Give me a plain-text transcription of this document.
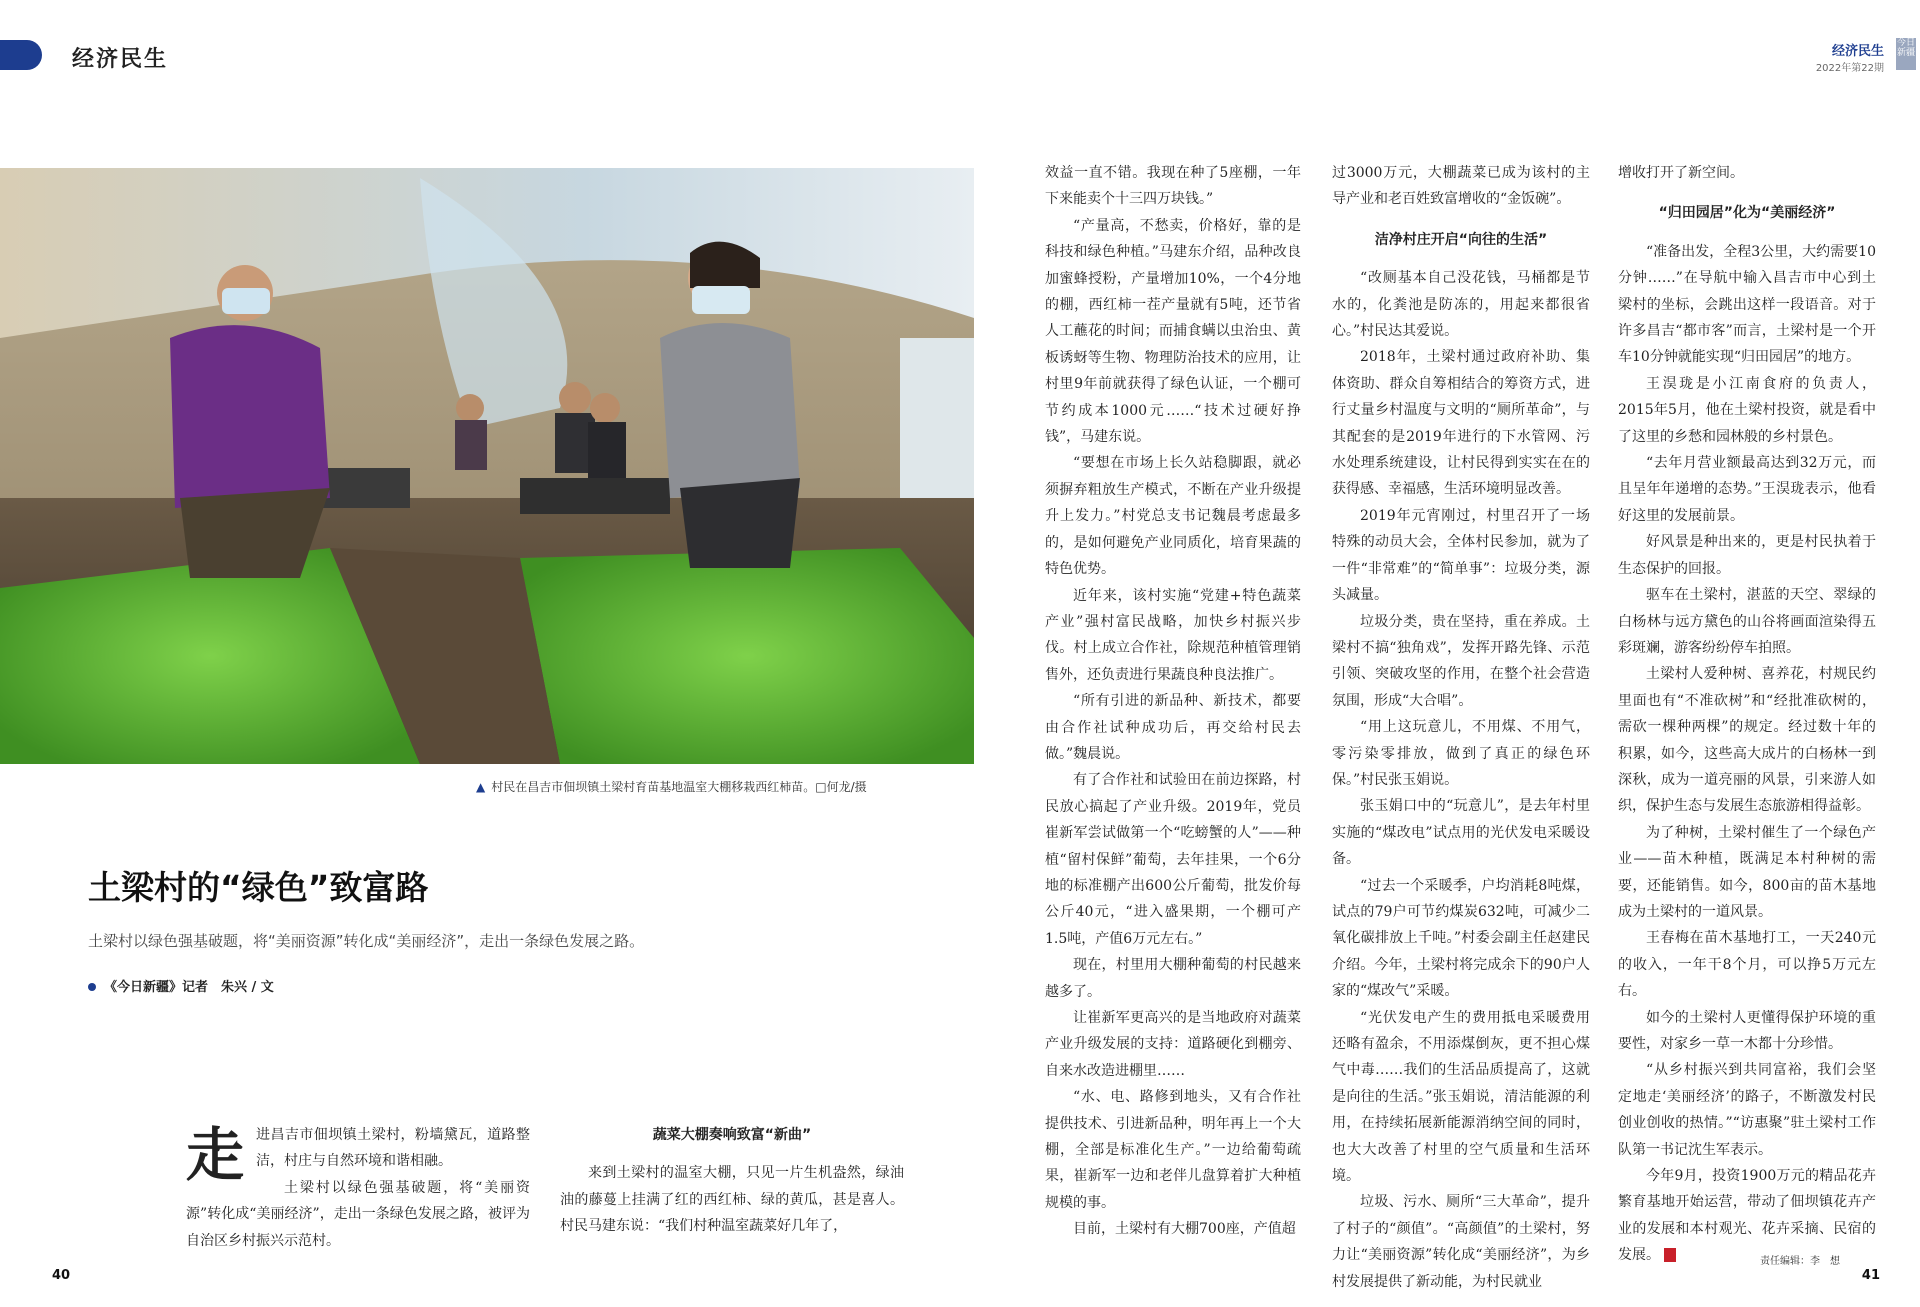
经济民生	经济民生
2022年第22期
今日新疆
▲ 村民在昌吉市佃坝镇土梁村育苗基地温室大棚移栽西红柿苗。□何龙/摄
土梁村的“绿色”致富路
土梁村以绿色强基破题，将“美丽资源”转化成“美丽经济”，走出一条绿色发展之路。
《今日新疆》记者　朱兴 / 文

走进昌吉市佃坝镇土梁村，粉墙黛瓦，道路整洁，村庄与自然环境和谐相融。

土梁村以绿色强基破题，将“美丽资源”转化成“美丽经济”，走出一条绿色发展之路，被评为自治区乡村振兴示范村。

蔬菜大棚奏响致富“新曲”

来到土梁村的温室大棚，只见一片生机盎然，绿油油的藤蔓上挂满了红的西红柿、绿的黄瓜，甚是喜人。村民马建东说：“我们村种温室蔬菜好几年了，

效益一直不错。我现在种了5座棚，一年下来能卖个十三四万块钱。”

“产量高，不愁卖，价格好，靠的是科技和绿色种植。”马建东介绍，品种改良加蜜蜂授粉，产量增加10%，一个4分地的棚，西红柿一茬产量就有5吨，还节省人工蘸花的时间；而捕食螨以虫治虫、黄板诱蚜等生物、物理防治技术的应用，让村里9年前就获得了绿色认证，一个棚可节约成本1000元……“技术过硬好挣钱”，马建东说。

“要想在市场上长久站稳脚跟，就必须摒弃粗放生产模式，不断在产业升级提升上发力。”村党总支书记魏晨考虑最多的，是如何避免产业同质化，培育果蔬的特色优势。

近年来，该村实施“党建+特色蔬菜产业”强村富民战略，加快乡村振兴步伐。村上成立合作社，除规范种植管理销售外，还负责进行果蔬良种良法推广。

“所有引进的新品种、新技术，都要由合作社试种成功后，再交给村民去做。”魏晨说。

有了合作社和试验田在前边探路，村民放心搞起了产业升级。2019年，党员崔新军尝试做第一个“吃螃蟹的人”——种植“留村保鲜”葡萄，去年挂果，一个6分地的标准棚产出600公斤葡萄，批发价每公斤40元，“进入盛果期，一个棚可产1.5吨，产值6万元左右。”

现在，村里用大棚种葡萄的村民越来越多了。

让崔新军更高兴的是当地政府对蔬菜产业升级发展的支持：道路硬化到棚旁、自来水改造进棚里……

“水、电、路修到地头，又有合作社提供技术、引进新品种，明年再上一个大棚，全部是标准化生产。”一边给葡萄疏果，崔新军一边和老伴儿盘算着扩大种植规模的事。

目前，土梁村有大棚700座，产值超

过3000万元，大棚蔬菜已成为该村的主导产业和老百姓致富增收的“金饭碗”。

洁净村庄开启“向往的生活”

“改厕基本自己没花钱，马桶都是节水的，化粪池是防冻的，用起来都很省心。”村民达其爱说。

2018年，土梁村通过政府补助、集体资助、群众自筹相结合的筹资方式，进行丈量乡村温度与文明的“厕所革命”，与其配套的是2019年进行的下水管网、污水处理系统建设，让村民得到实实在在的获得感、幸福感，生活环境明显改善。

2019年元宵刚过，村里召开了一场特殊的动员大会，全体村民参加，就为了一件“非常难”的“简单事”：垃圾分类，源头减量。

垃圾分类，贵在坚持，重在养成。土梁村不搞“独角戏”，发挥开路先锋、示范引领、突破攻坚的作用，在整个社会营造氛围，形成“大合唱”。

“用上这玩意儿，不用煤、不用气，零污染零排放，做到了真正的绿色环保。”村民张玉娟说。

张玉娟口中的“玩意儿”，是去年村里实施的“煤改电”试点用的光伏发电采暖设备。

“过去一个采暖季，户均消耗8吨煤，试点的79户可节约煤炭632吨，可减少二氧化碳排放上千吨。”村委会副主任赵建民介绍。今年，土梁村将完成余下的90户人家的“煤改气”采暖。

“光伏发电产生的费用抵电采暖费用还略有盈余，不用添煤倒灰，更不担心煤气中毒……我们的生活品质提高了，这就是向往的生活。”张玉娟说，清洁能源的利用，在持续拓展新能源消纳空间的同时，也大大改善了村里的空气质量和生活环境。

垃圾、污水、厕所“三大革命”，提升了村子的“颜值”。“高颜值”的土梁村，努力让“美丽资源”转化成“美丽经济”，为乡村发展提供了新动能，为村民就业

增收打开了新空间。

“归田园居”化为“美丽经济”

“准备出发，全程3公里，大约需要10分钟……”在导航中输入昌吉市中心到土梁村的坐标，会跳出这样一段语音。对于许多昌吉“都市客”而言，土梁村是一个开车10分钟就能实现“归田园居”的地方。

王淏珑是小江南食府的负责人，2015年5月，他在土梁村投资，就是看中了这里的乡愁和园林般的乡村景色。

“去年月营业额最高达到32万元，而且呈年年递增的态势。”王淏珑表示，他看好这里的发展前景。

好风景是种出来的，更是村民执着于生态保护的回报。

驱车在土梁村，湛蓝的天空、翠绿的白杨林与远方黛色的山谷将画面渲染得五彩斑斓，游客纷纷停车拍照。

土梁村人爱种树、喜养花，村规民约里面也有“不准砍树”和“经批准砍树的，需砍一棵种两棵”的规定。经过数十年的积累，如今，这些高大成片的白杨林一到深秋，成为一道亮丽的风景，引来游人如织，保护生态与发展生态旅游相得益彰。

为了种树，土梁村催生了一个绿色产业——苗木种植，既满足本村种树的需要，还能销售。如今，800亩的苗木基地成为土梁村的一道风景。

王春梅在苗木基地打工，一天240元的收入，一年干8个月，可以挣5万元左右。

如今的土梁村人更懂得保护环境的重要性，对家乡一草一木都十分珍惜。

“从乡村振兴到共同富裕，我们会坚定地走‘美丽经济’的路子，不断激发村民创业创收的热情。”“访惠聚”驻土梁村工作队第一书记沈生军表示。

今年9月，投资1900万元的精品花卉繁育基地开始运营，带动了佃坝镇花卉产业的发展和本村观光、花卉采摘、民宿的发展。

40	41
责任编辑：李　想
